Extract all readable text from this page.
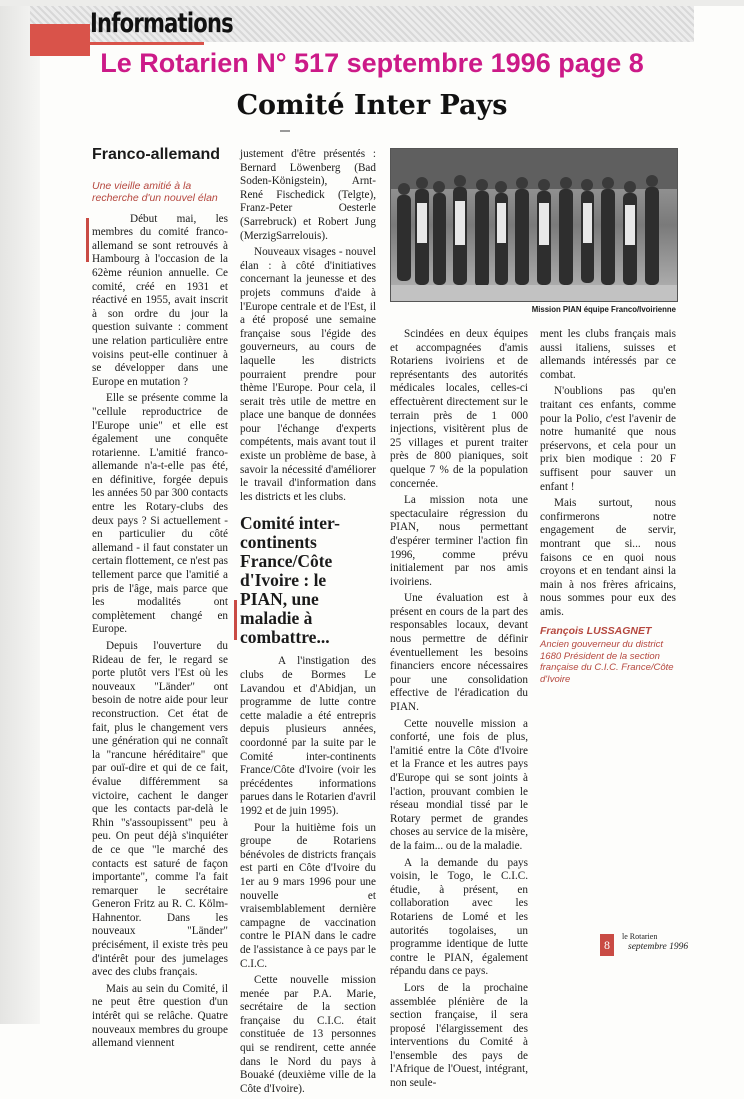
Informations
Le Rotarien N° 517 septembre 1996 page 8
Comité Inter Pays
Franco-allemand
Une vieille amitié à la recherche d'un nouvel élan

Début mai, les membres du comité franco-allemand se sont retrouvés à Hambourg à l'occasion de la 62ème réunion annuelle. Ce comité, créé en 1931 et réactivé en 1955, avait inscrit à son ordre du jour la question suivante : comment une relation particulière entre voisins peut-elle continuer à se développer dans une Europe en mutation ?

Elle se présente comme la "cellule reproductrice de l'Europe unie" et elle est également une conquête rotarienne. L'amitié franco-allemande n'a-t-elle pas été, en définitive, forgée depuis les années 50 par 300 contacts entre les Rotary-clubs des deux pays ? Si actuellement - en particulier du côté allemand - il faut constater un certain flottement, ce n'est pas tellement parce que l'amitié a pris de l'âge, mais parce que les modalités ont complètement changé en Europe.

Depuis l'ouverture du Rideau de fer, le regard se porte plutôt vers l'Est où les nouveaux "Länder" ont besoin de notre aide pour leur reconstruction. Cet état de fait, plus le changement vers une génération qui ne connaît la "rancune héréditaire" que par ouï-dire et qui de ce fait, évalue différemment sa victoire, cachent le danger que les contacts par-delà le Rhin "s'assoupissent" peu à peu. On peut déjà s'inquiéter de ce que "le marché des contacts est saturé de façon importante", comme l'a fait remarquer le secrétaire Generon Fritz au R. C. Kölm-Hahnentor. Dans les nouveaux "Länder" précisément, il existe très peu d'intérêt pour des jumelages avec des clubs français.

Mais au sein du Comité, il ne peut être question d'un intérêt qui se relâche. Quatre nouveaux membres du groupe allemand viennent

justement d'être présentés : Bernard Löwenberg (Bad Soden-Königstein), Arnt-René Fischedick (Telgte), Franz-Peter Oesterle (Sarrebruck) et Robert Jung (MerzigSarrelouis).

Nouveaux visages - nouvel élan : à côté d'initiatives concernant la jeunesse et des projets communs d'aide à l'Europe centrale et de l'Est, il a été proposé une semaine française sous l'égide des gouverneurs, au cours de laquelle les districts pourraient prendre pour thème l'Europe. Pour cela, il serait très utile de mettre en place une banque de données pour l'échange d'experts compétents, mais avant tout il existe un problème de base, à savoir la nécessité d'améliorer le travail d'information dans les districts et les clubs.

Comité inter-continents France/Côte d'Ivoire : le PIAN, une maladie à combattre...

A l'instigation des clubs de Bormes Le Lavandou et d'Abidjan, un programme de lutte contre cette maladie a été entrepris depuis plusieurs années, coordonné par la suite par le Comité inter-continents France/Côte d'Ivoire (voir les précédentes informations parues dans le Rotarien d'avril 1992 et de juin 1995).

Pour la huitième fois un groupe de Rotariens bénévoles de districts français est parti en Côte d'Ivoire du 1er au 9 mars 1996 pour une nouvelle et vraisemblablement dernière campagne de vaccination contre le PIAN dans le cadre de l'assistance à ce pays par le C.I.C.

Cette nouvelle mission menée par P.A. Marie, secrétaire de la section française du C.I.C. était constituée de 13 personnes qui se rendirent, cette année dans le Nord du pays à Bouaké (deuxième ville de la Côte d'Ivoire).

Mission PIAN équipe Franco/Ivoirienne

Scindées en deux équipes et accompagnées d'amis Rotariens ivoiriens et de représentants des autorités médicales locales, celles-ci effectuèrent directement sur le terrain près de 1 000 injections, visitèrent plus de 25 villages et purent traiter près de 800 pianiques, soit quelque 7 % de la population concernée.

La mission nota une spectaculaire régression du PIAN, nous permettant d'espérer terminer l'action fin 1996, comme prévu initialement par nos amis ivoiriens.

Une évaluation est à présent en cours de la part des responsables locaux, devant nous permettre de définir éventuellement les besoins financiers encore nécessaires pour une consolidation effective de l'éradication du PIAN.

Cette nouvelle mission a conforté, une fois de plus, l'amitié entre la Côte d'Ivoire et la France et les autres pays d'Europe qui se sont joints à l'action, prouvant combien le réseau mondial tissé par le Rotary permet de grandes choses au service de la misère, de la faim... ou de la maladie.

A la demande du pays voisin, le Togo, le C.I.C. étudie, à présent, en collaboration avec les Rotariens de Lomé et les autorités togolaises, un programme identique de lutte contre le PIAN, également répandu dans ce pays.

Lors de la prochaine assemblée plénière de la section française, il sera proposé l'élargissement des interventions du Comité à l'ensemble des pays de l'Afrique de l'Ouest, intégrant, non seule-

ment les clubs français mais aussi italiens, suisses et allemands intéressés par ce combat.

N'oublions pas qu'en traitant ces enfants, comme pour la Polio, c'est l'avenir de notre humanité que nous préservons, et cela pour un prix bien modique : 20 F suffisent pour sauver un enfant !

Mais surtout, nous confirmerons notre engagement de servir, montrant que si... nous faisons ce en quoi nous croyons et en tendant ainsi la main à nos frères africains, nous sommes pour eux des amis.

François LUSSAGNET
Ancien gouverneur du district 1680 Président de la section française du C.I.C. France/Côte d'Ivoire
8
le Rotarien
septembre 1996
